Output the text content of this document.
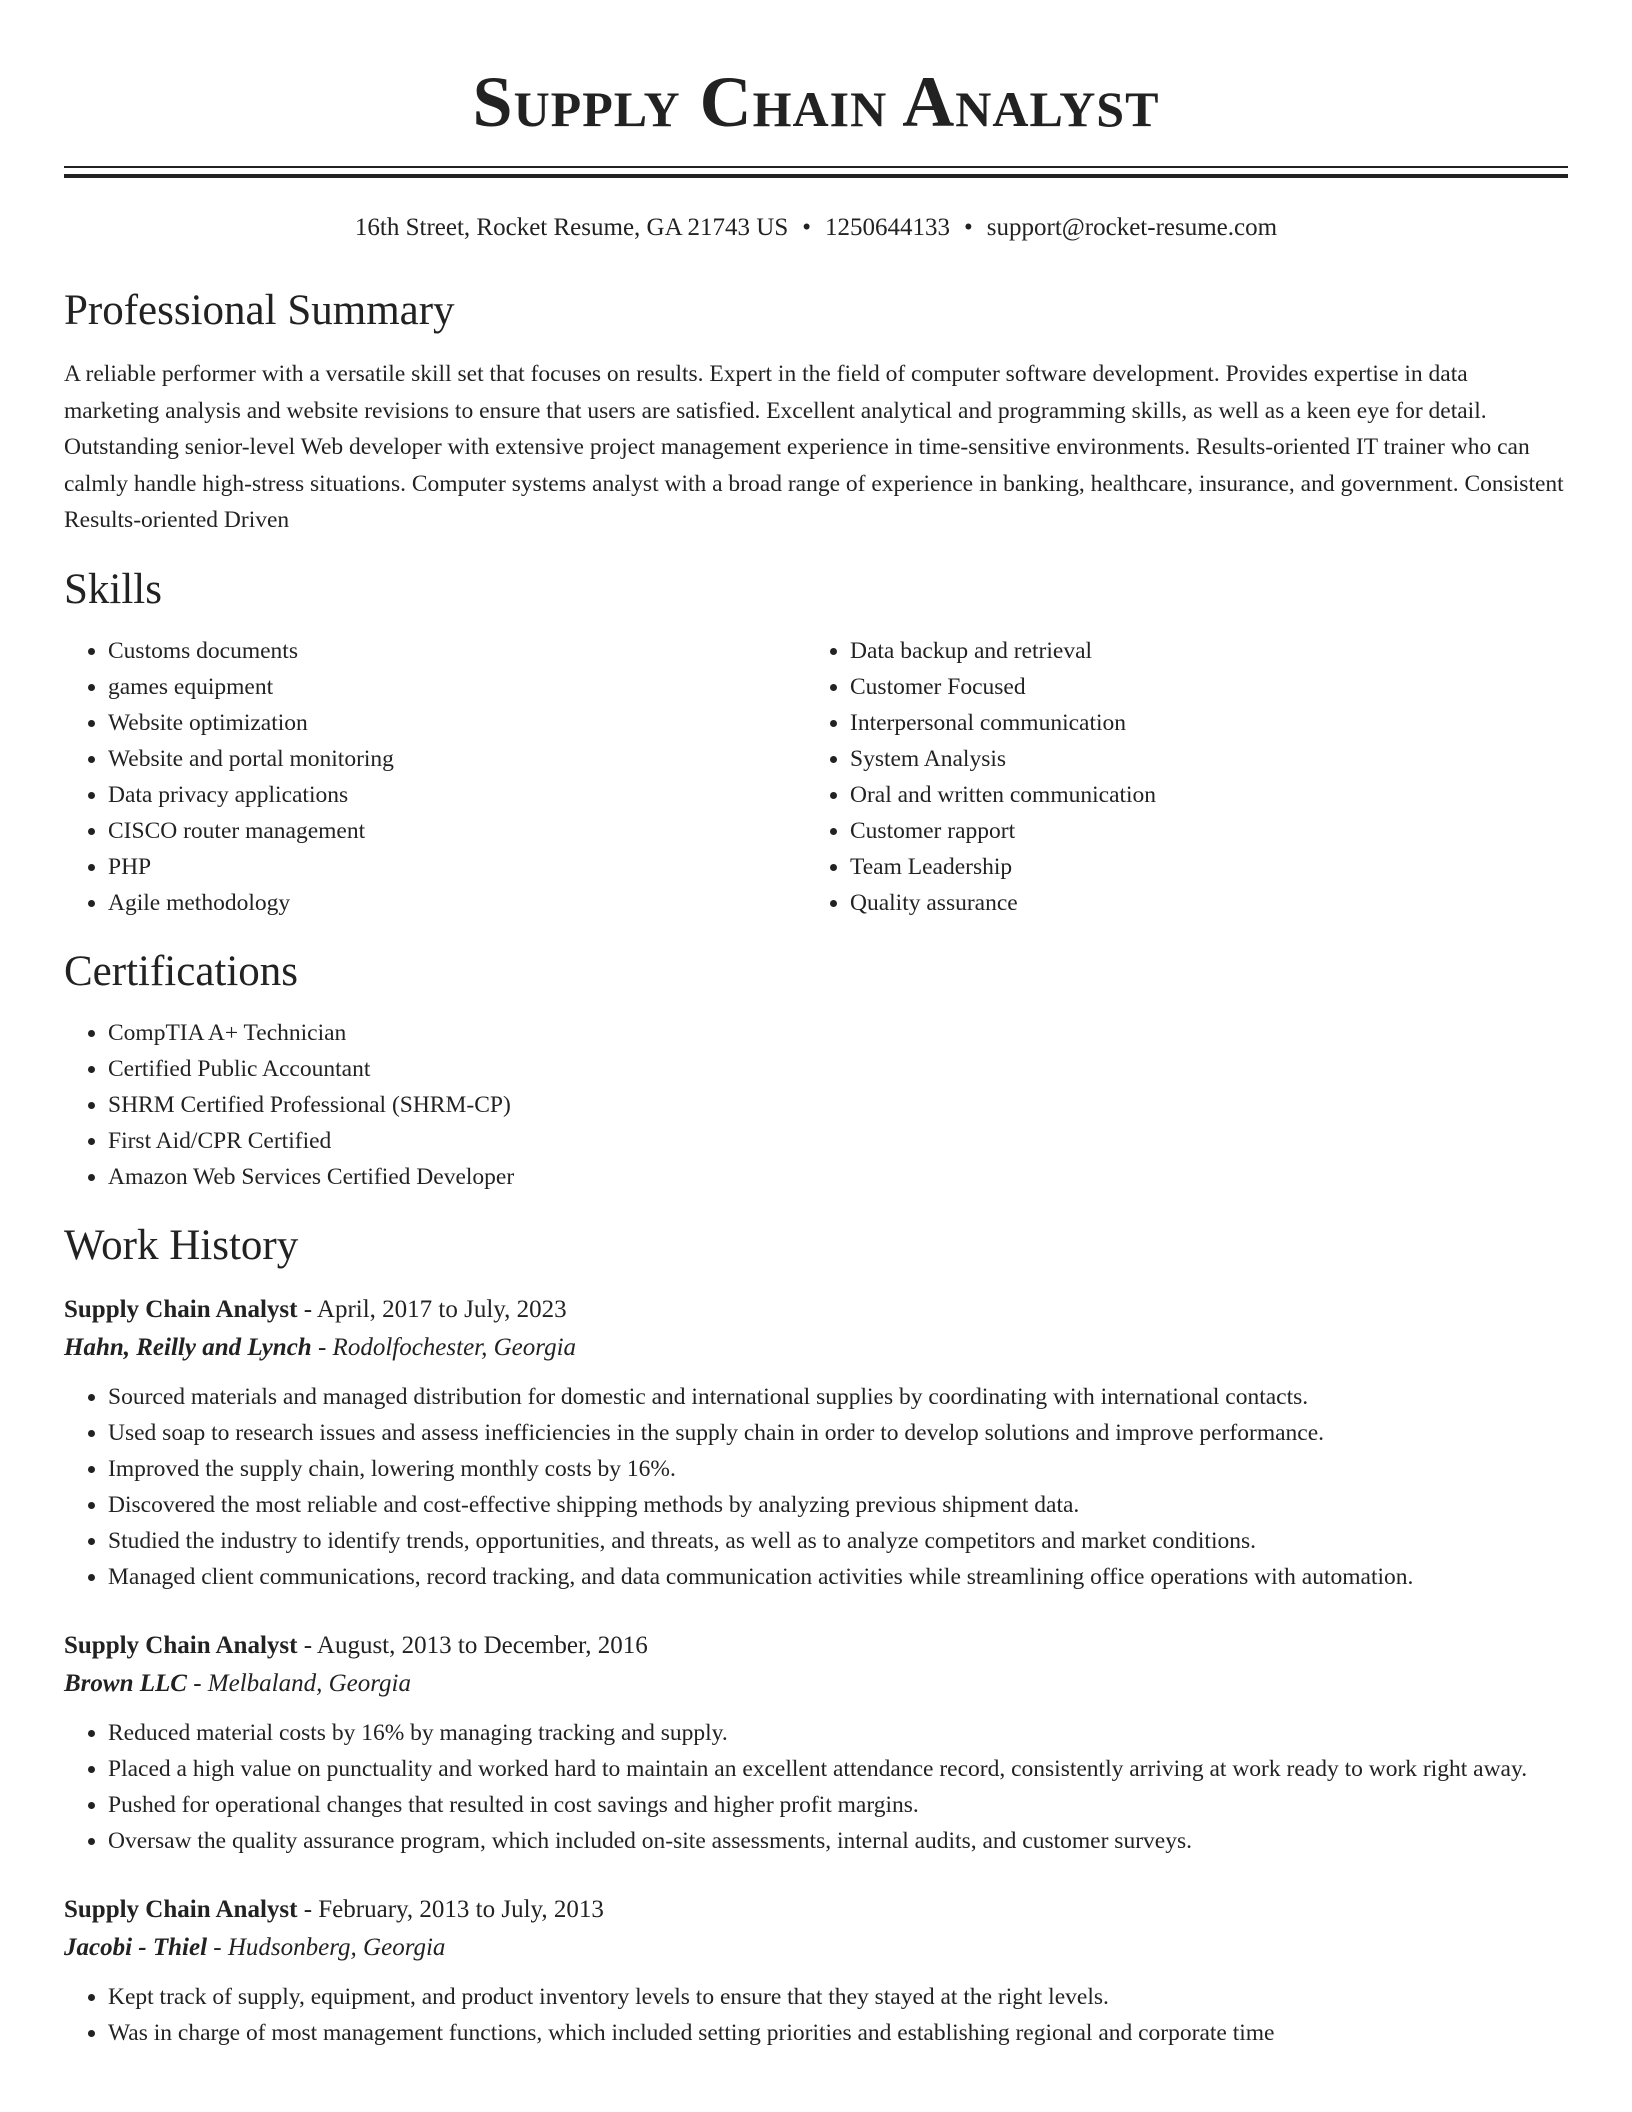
Supply Chain Analyst
16th Street, Rocket Resume, GA 21743 US • 1250644133 • support@rocket-resume.com
Professional Summary

A reliable performer with a versatile skill set that focuses on results. Expert in the field of computer software development. Provides expertise in data marketing analysis and website revisions to ensure that users are satisfied. Excellent analytical and programming skills, as well as a keen eye for detail. Outstanding senior-level Web developer with extensive project management experience in time-sensitive environments. Results-oriented IT trainer who can calmly handle high-stress situations. Computer systems analyst with a broad range of experience in banking, healthcare, insurance, and government. Consistent Results-oriented Driven

Skills
• Customs documents
• games equipment
• Website optimization
• Website and portal monitoring
• Data privacy applications
• CISCO router management
• PHP
• Agile methodology
• Data backup and retrieval
• Customer Focused
• Interpersonal communication
• System Analysis
• Oral and written communication
• Customer rapport
• Team Leadership
• Quality assurance
Certifications
• CompTIA A+ Technician
• Certified Public Accountant
• SHRM Certified Professional (SHRM-CP)
• First Aid/CPR Certified
• Amazon Web Services Certified Developer
Work History
Supply Chain Analyst - April, 2017 to July, 2023
Hahn, Reilly and Lynch - Rodolfochester, Georgia
• Sourced materials and managed distribution for domestic and international supplies by coordinating with international contacts.
• Used soap to research issues and assess inefficiencies in the supply chain in order to develop solutions and improve performance.
• Improved the supply chain, lowering monthly costs by 16%.
• Discovered the most reliable and cost-effective shipping methods by analyzing previous shipment data.
• Studied the industry to identify trends, opportunities, and threats, as well as to analyze competitors and market conditions.
• Managed client communications, record tracking, and data communication activities while streamlining office operations with automation.
Supply Chain Analyst - August, 2013 to December, 2016
Brown LLC - Melbaland, Georgia
• Reduced material costs by 16% by managing tracking and supply.
• Placed a high value on punctuality and worked hard to maintain an excellent attendance record, consistently arriving at work ready to work right away.
• Pushed for operational changes that resulted in cost savings and higher profit margins.
• Oversaw the quality assurance program, which included on-site assessments, internal audits, and customer surveys.
Supply Chain Analyst - February, 2013 to July, 2013
Jacobi - Thiel - Hudsonberg, Georgia
• Kept track of supply, equipment, and product inventory levels to ensure that they stayed at the right levels.
• Was in charge of most management functions, which included setting priorities and establishing regional and corporate time
